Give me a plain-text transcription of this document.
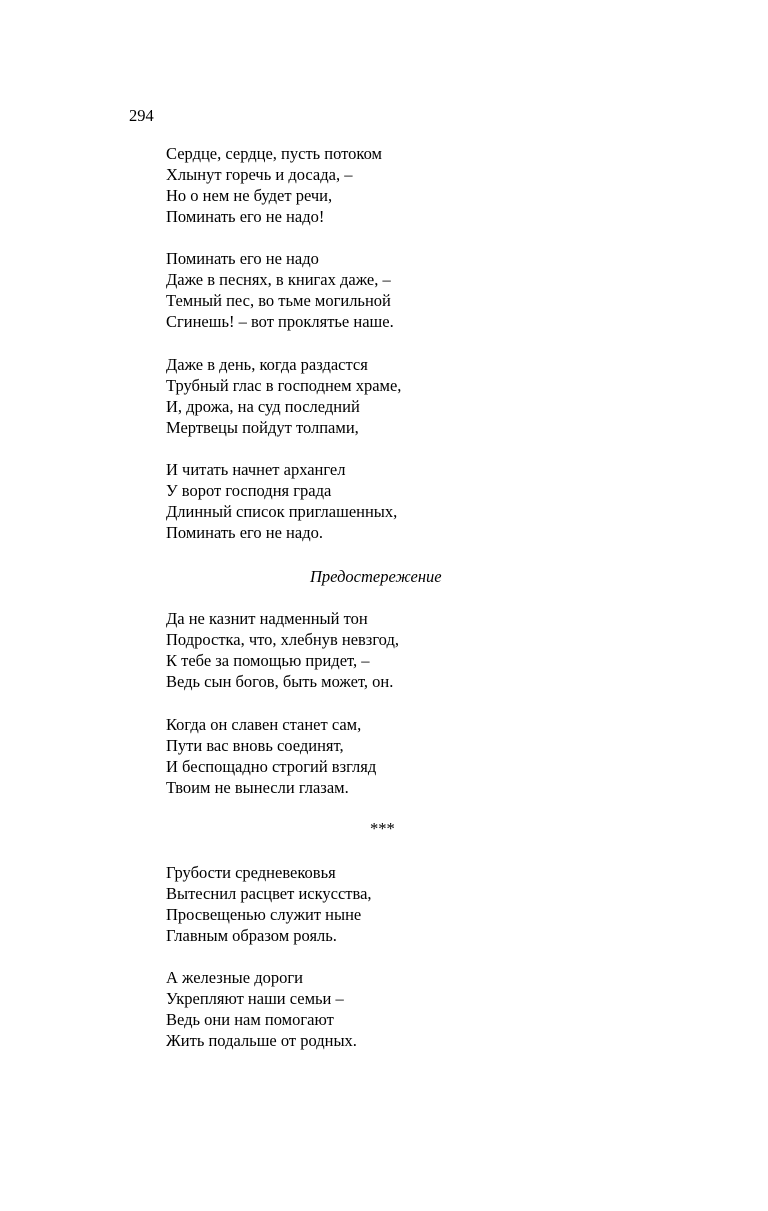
294
Сердце, сердце, пусть потоком
Хлынут горечь и досада, –
Но о нем не будет речи,
Поминать его не надо!
Поминать его не надо
Даже в песнях, в книгах даже, –
Темный пес, во тьме могильной
Сгинешь! – вот проклятье наше.
Даже в день, когда раздастся
Трубный глас в господнем храме,
И, дрожа, на суд последний
Мертвецы пойдут толпами,
И читать начнет архангел
У ворот господня града
Длинный список приглашенных,
Поминать его не надо.
Предостережение
Да не казнит надменный тон
Подростка, что, хлебнув невзгод,
К тебе за помощью придет, –
Ведь сын богов, быть может, он.
Когда он славен станет сам,
Пути вас вновь соединят,
И беспощадно строгий взгляд
Твоим не вынесли глазам.
***
Грубости средневековья
Вытеснил расцвет искусства,
Просвещенью служит ныне
Главным образом рояль.
А железные дороги
Укрепляют наши семьи –
Ведь они нам помогают
Жить подальше от родных.
